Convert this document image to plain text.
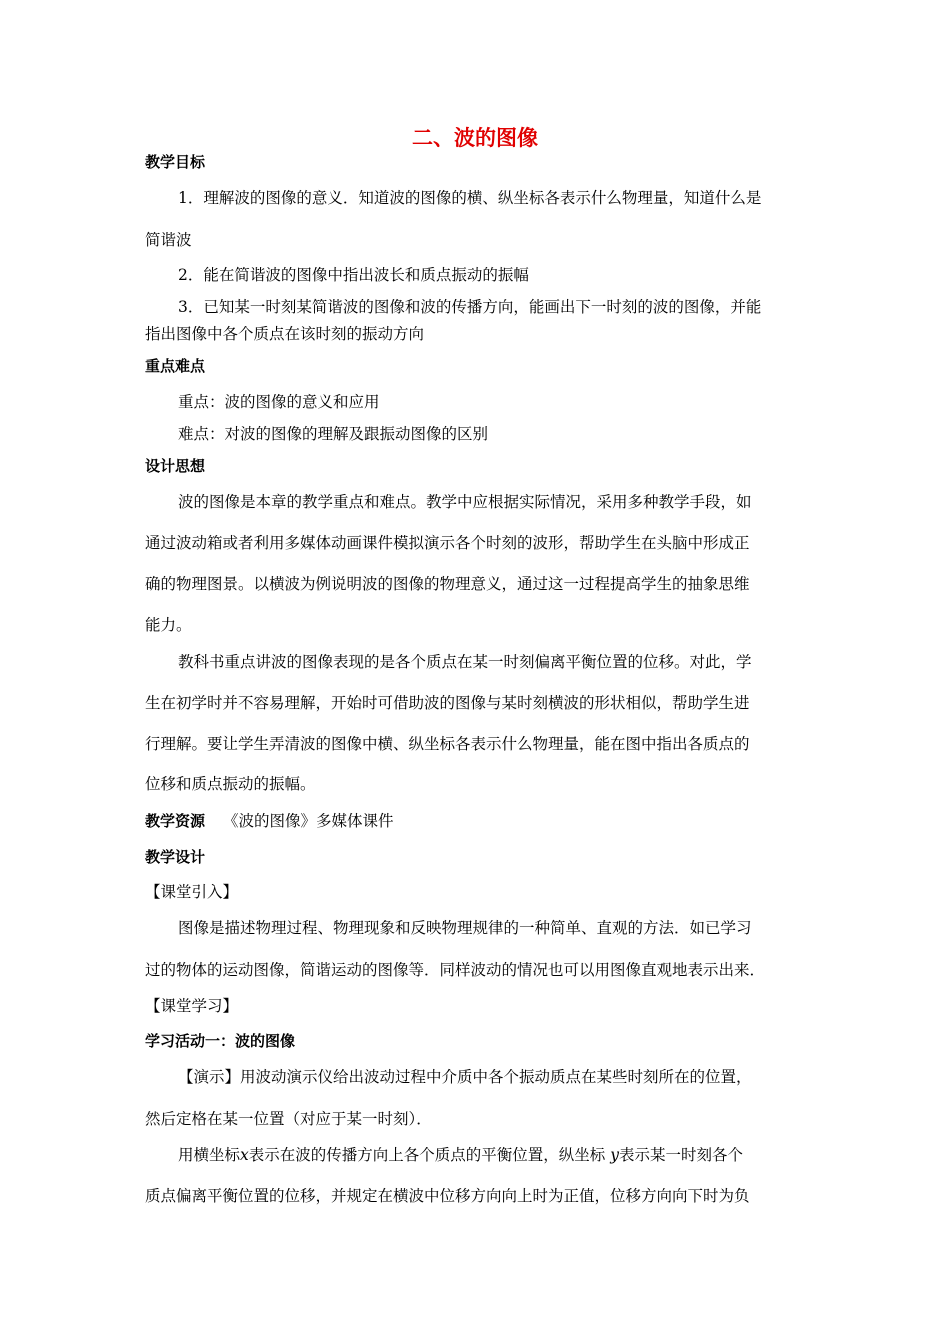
二、波的图像
教学目标
1．理解波的图像的意义．知道波的图像的横、纵坐标各表示什么物理量，知道什么是
简谐波
2．能在简谐波的图像中指出波长和质点振动的振幅
3．已知某一时刻某简谐波的图像和波的传播方向，能画出下一时刻的波的图像，并能
指出图像中各个质点在该时刻的振动方向
重点难点
重点：波的图像的意义和应用
难点：对波的图像的理解及跟振动图像的区别
设计思想
波的图像是本章的教学重点和难点。教学中应根据实际情况，采用多种教学手段，如
通过波动箱或者利用多媒体动画课件模拟演示各个时刻的波形，帮助学生在头脑中形成正
确的物理图景。以横波为例说明波的图像的物理意义，通过这一过程提高学生的抽象思维
能力。
教科书重点讲波的图像表现的是各个质点在某一时刻偏离平衡位置的位移。对此，学
生在初学时并不容易理解，开始时可借助波的图像与某时刻横波的形状相似，帮助学生进
行理解。要让学生弄清波的图像中横、纵坐标各表示什么物理量，能在图中指出各质点的
位移和质点振动的振幅。
教学资源 《波的图像》多媒体课件
教学设计
【课堂引入】
图像是描述物理过程、物理现象和反映物理规律的一种简单、直观的方法．如已学习
过的物体的运动图像，简谐运动的图像等．同样波动的情况也可以用图像直观地表示出来．
【课堂学习】
学习活动一：波的图像
【演示】用波动演示仪给出波动过程中介质中各个振动质点在某些时刻所在的位置，
然后定格在某一位置（对应于某一时刻）．
用横坐标x表示在波的传播方向上各个质点的平衡位置，纵坐标 y表示某一时刻各个
质点偏离平衡位置的位移，并规定在横波中位移方向向上时为正值，位移方向向下时为负
